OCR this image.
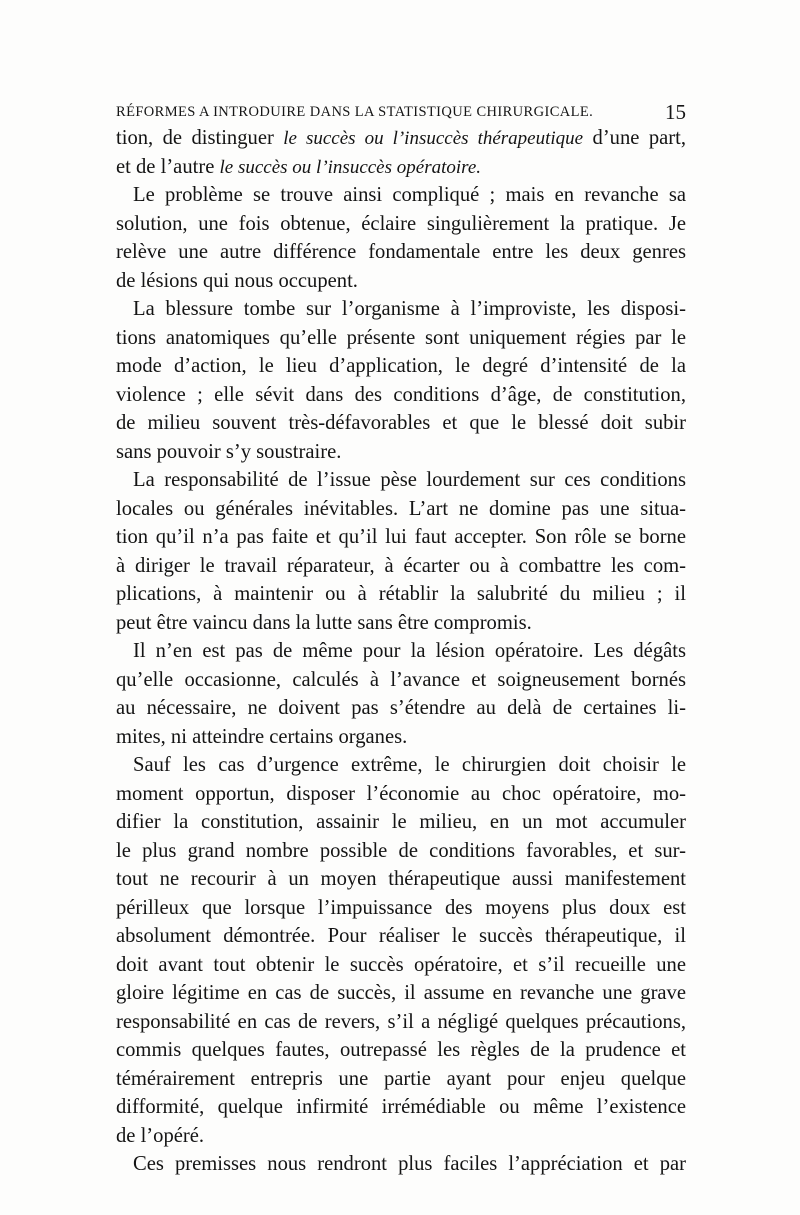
RÉFORMES A INTRODUIRE DANS LA STATISTIQUE CHIRURGICALE.	15
tion, de distinguer le succès ou l’insuccès thérapeutique d’une part,
et de l’autre le succès ou l’insuccès opératoire.
Le problème se trouve ainsi compliqué ; mais en revanche sa
solution, une fois obtenue, éclaire singulièrement la pratique. Je
relève une autre différence fondamentale entre les deux genres
de lésions qui nous occupent.
La blessure tombe sur l’organisme à l’improviste, les disposi-
tions anatomiques qu’elle présente sont uniquement régies par le
mode d’action, le lieu d’application, le degré d’intensité de la
violence ; elle sévit dans des conditions d’âge, de constitution,
de milieu souvent très-défavorables et que le blessé doit subir
sans pouvoir s’y soustraire.
La responsabilité de l’issue pèse lourdement sur ces conditions
locales ou générales inévitables. L’art ne domine pas une situa-
tion qu’il n’a pas faite et qu’il lui faut accepter. Son rôle se borne
à diriger le travail réparateur, à écarter ou à combattre les com-
plications, à maintenir ou à rétablir la salubrité du milieu ; il
peut être vaincu dans la lutte sans être compromis.
Il n’en est pas de même pour la lésion opératoire. Les dégâts
qu’elle occasionne, calculés à l’avance et soigneusement bornés
au nécessaire, ne doivent pas s’étendre au delà de certaines li-
mites, ni atteindre certains organes.
Sauf les cas d’urgence extrême, le chirurgien doit choisir le
moment opportun, disposer l’économie au choc opératoire, mo-
difier la constitution, assainir le milieu, en un mot accumuler
le plus grand nombre possible de conditions favorables, et sur-
tout ne recourir à un moyen thérapeutique aussi manifestement
périlleux que lorsque l’impuissance des moyens plus doux est
absolument démontrée. Pour réaliser le succès thérapeutique, il
doit avant tout obtenir le succès opératoire, et s’il recueille une
gloire légitime en cas de succès, il assume en revanche une grave
responsabilité en cas de revers, s’il a négligé quelques précautions,
commis quelques fautes, outrepassé les règles de la prudence et
témérairement entrepris une partie ayant pour enjeu quelque
difformité, quelque infirmité irrémédiable ou même l’existence
de l’opéré.
Ces premisses nous rendront plus faciles l’appréciation et par
